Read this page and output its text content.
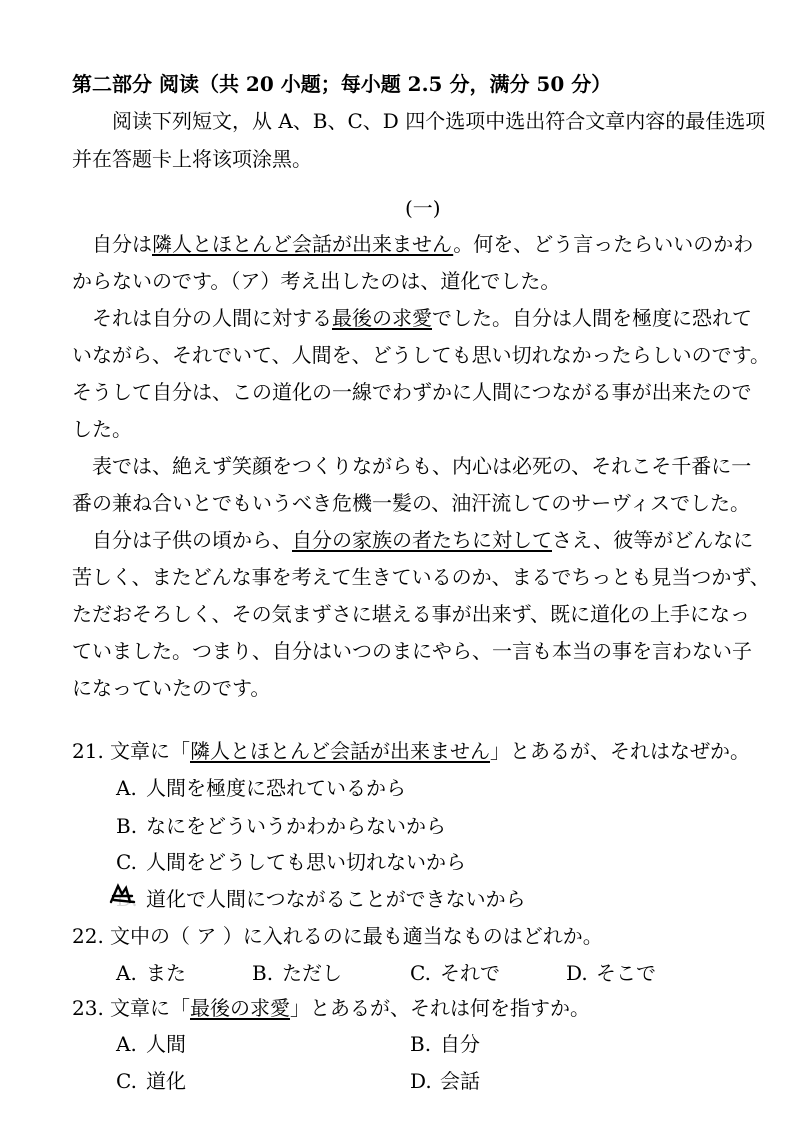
第二部分 阅读（共 20 小题；每小题 2.5 分，满分 50 分）
阅读下列短文，从 A、B、C、D 四个选项中选出符合文章内容的最佳选项
并在答题卡上将该项涂黑。
(一)
自分は隣人とほとんど会話が出来ません。何を、どう言ったらいいのかわ
からないのです。（ア）考え出したのは、道化でした。
それは自分の人間に対する最後の求愛でした。自分は人間を極度に恐れて
いながら、それでいて、人間を、どうしても思い切れなかったらしいのです。
そうして自分は、この道化の一線でわずかに人間につながる事が出来たので
した。
表では、絶えず笑顔をつくりながらも、内心は必死の、それこそ千番に一
番の兼ね合いとでもいうべき危機一髪の、油汗流してのサーヴィスでした。
自分は子供の頃から、自分の家族の者たちに対してさえ、彼等がどんなに
苦しく、またどんな事を考えて生きているのか、まるでちっとも見当つかず、
ただおそろしく、その気まずさに堪える事が出来ず、既に道化の上手になっ
ていました。つまり、自分はいつのまにやら、一言も本当の事を言わない子
になっていたのです。
21. 文章に「隣人とほとんど会話が出来ません」とあるが、それはなぜか。
A. 人間を極度に恐れているから
B. なにをどういうかわからないから
C. 人間をどうしても思い切れないから
D. 道化で人間につながることができないから
22. 文中の（ ア ）に入れるのに最も適当なものはどれか。
A. また	B. ただし	C. それで	D. そこで
23. 文章に「最後の求愛」とあるが、それは何を指すか。
A. 人間	B. 自分
C. 道化	D. 会話
